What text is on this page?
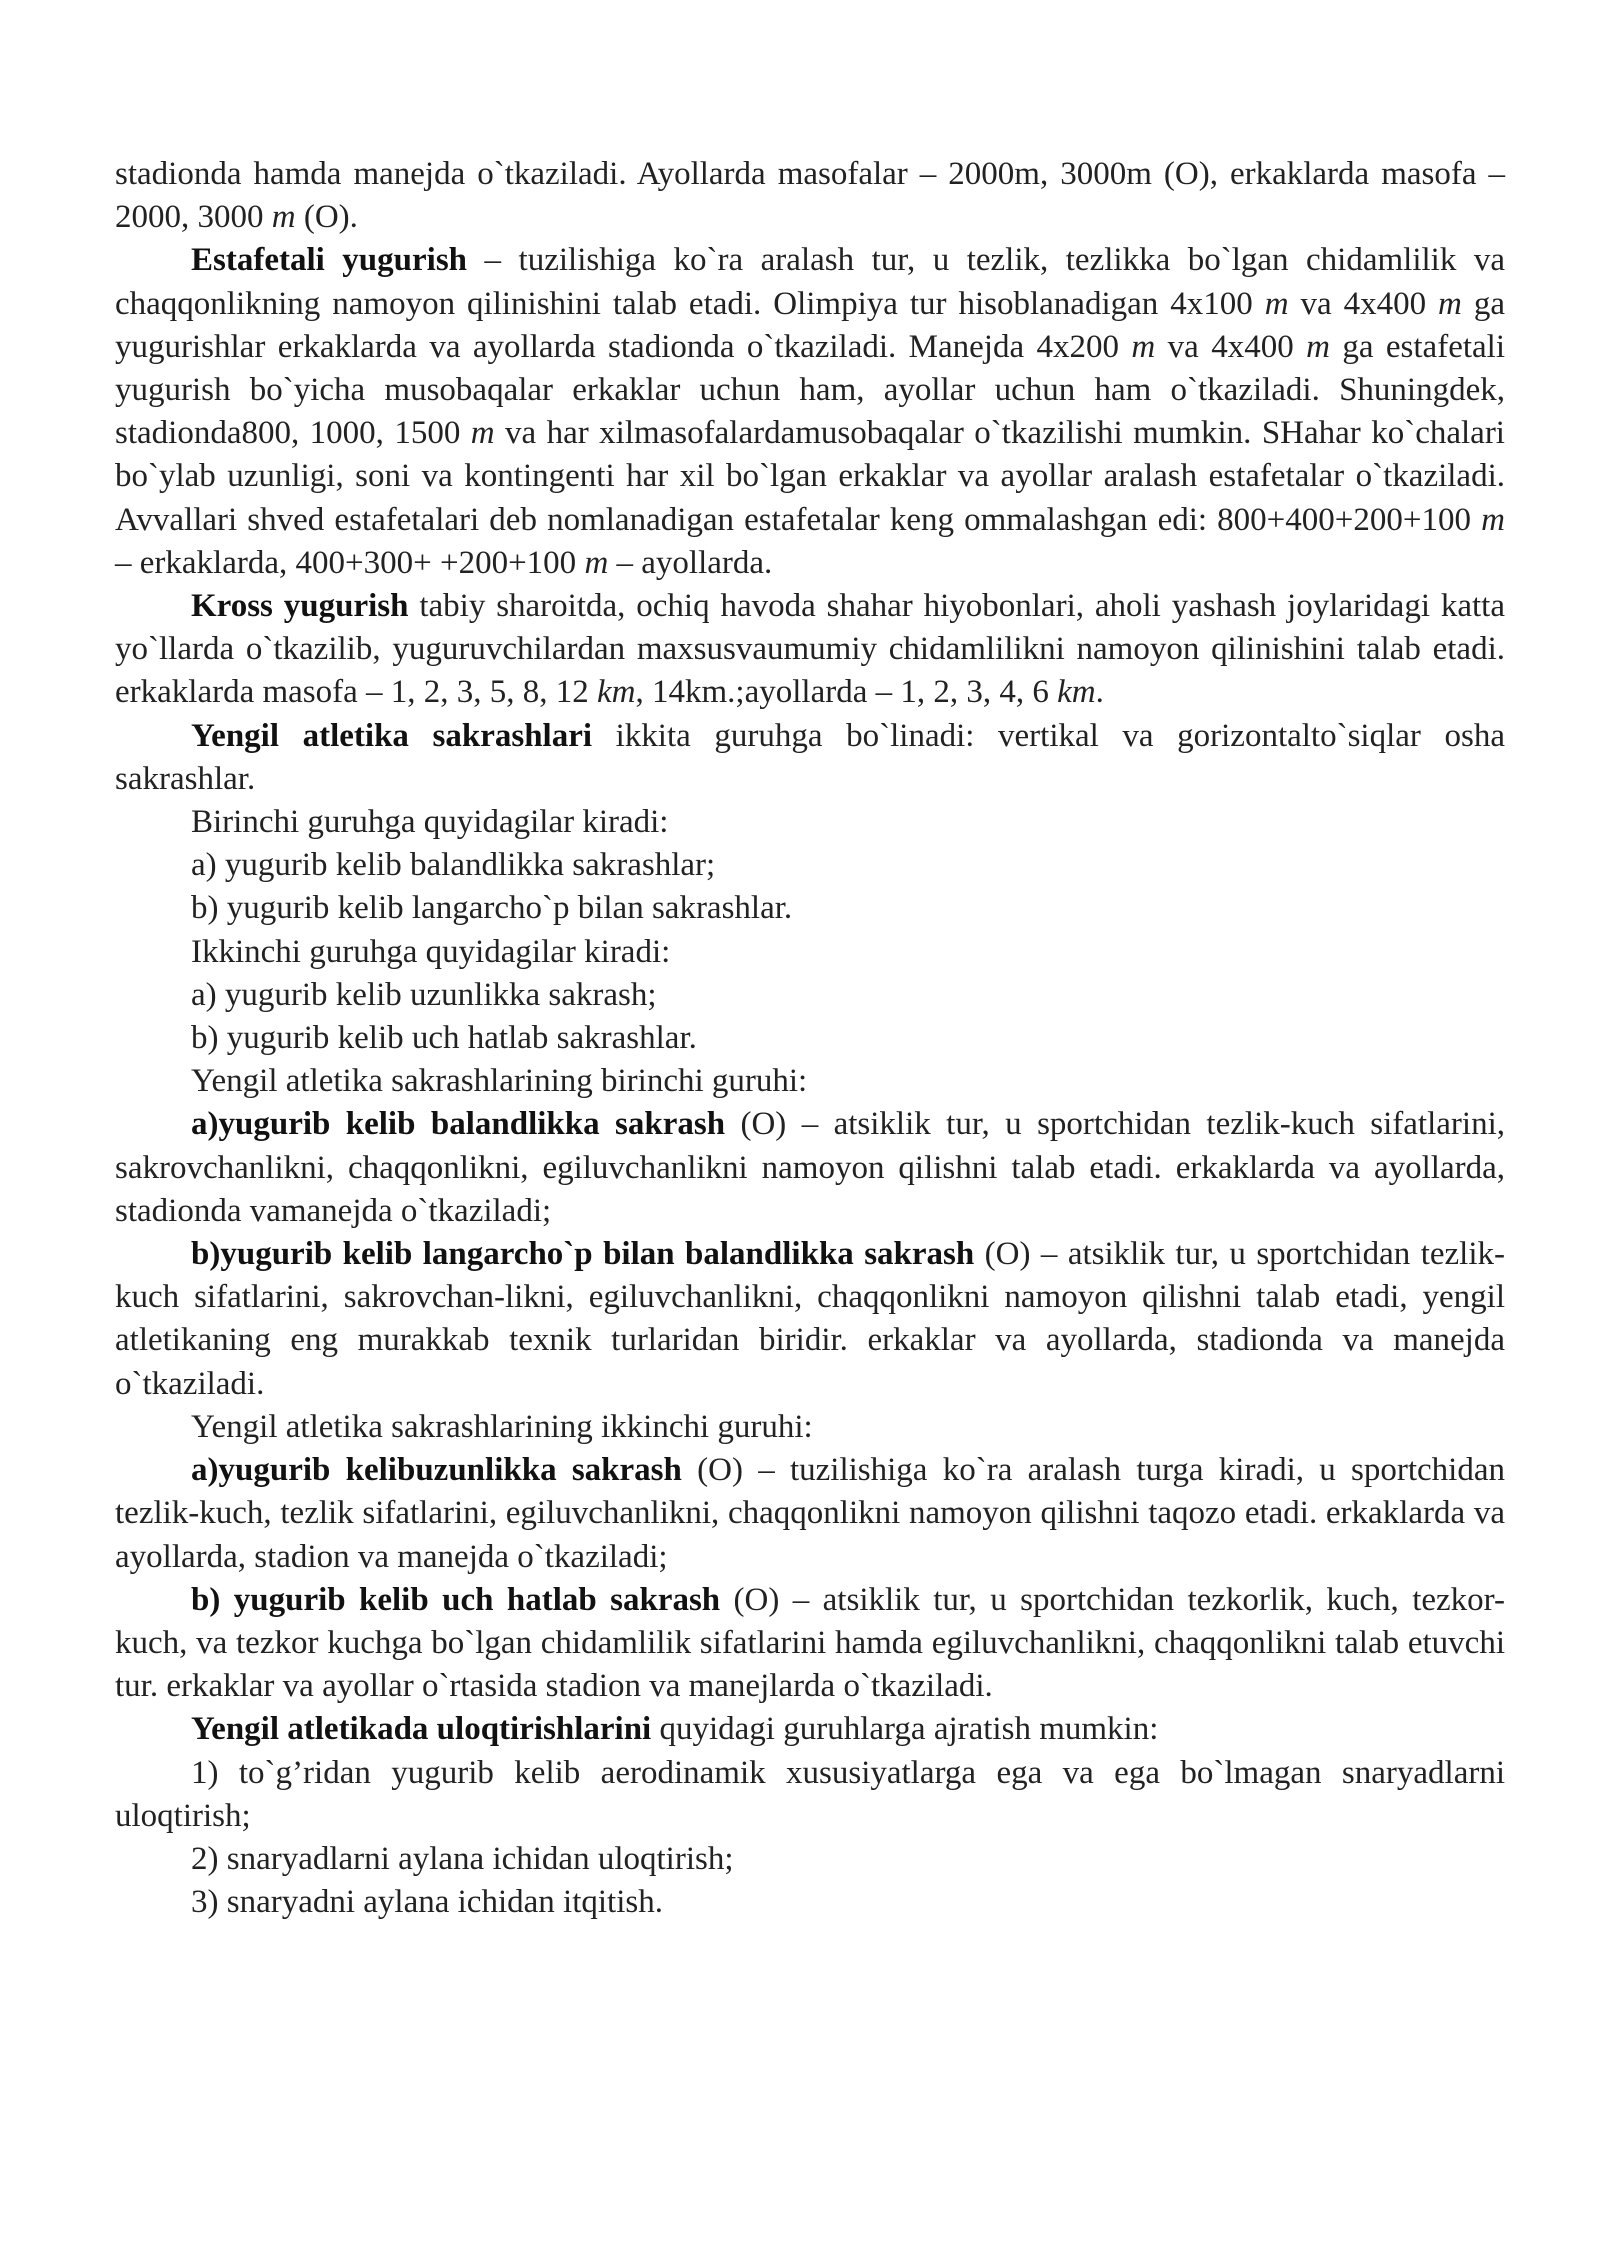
stadionda hamda manejda o`tkaziladi. Ayollarda masofalar – 2000m, 3000m (O), erkaklarda masofa – 2000, 3000 m (O).

Estafetali yugurish – tuzilishiga ko`ra aralash tur, u tezlik, tezlikka bo`lgan chidamlilik va chaqqonlikning namoyon qilinishini talab etadi. Olimpiya tur hisoblanadigan 4x100 m va 4x400 m ga yugurishlar erkaklarda va ayollarda stadionda o`tkaziladi. Manejda 4x200 m va 4x400 m ga estafetali yugurish bo`yicha musobaqalar erkaklar uchun ham, ayollar uchun ham o`tkaziladi. Shuningdek, stadionda800, 1000, 1500 m va har xilmasofalardamusobaqalar o`tkazilishi mumkin. SHahar ko`chalari bo`ylab uzunligi, soni va kontingenti har xil bo`lgan erkaklar va ayollar aralash estafetalar o`tkaziladi. Avvallari shved estafetalari deb nomlanadigan estafetalar keng ommalashgan edi: 800+400+200+100 m – erkaklarda, 400+300+ +200+100 m – ayollarda.

Kross yugurish tabiy sharoitda, ochiq havoda shahar hiyobonlari, aholi yashash joylaridagi katta yo`llarda o`tkazilib, yuguruvchilardan maxsusvaumumiy chidamlilikni namoyon qilinishini talab etadi. erkaklarda masofa – 1, 2, 3, 5, 8, 12 km, 14km.;ayollarda – 1, 2, 3, 4, 6 km.

Yengil atletika sakrashlari ikkita guruhga bo`linadi: vertikal va gorizontalto`siqlar osha sakrashlar.

Birinchi guruhga quyidagilar kiradi:

a) yugurib kelib balandlikka sakrashlar;

b) yugurib kelib langarcho`p bilan sakrashlar.

Ikkinchi guruhga quyidagilar kiradi:

a) yugurib kelib uzunlikka sakrash;

b) yugurib kelib uch hatlab sakrashlar.

Yengil atletika sakrashlarining birinchi guruhi:

a)yugurib kelib balandlikka sakrash (O) – atsiklik tur, u sportchidan tezlik-kuch sifatlarini, sakrovchanlikni, chaqqonlikni, egiluvchanlikni namoyon qilishni talab etadi. erkaklarda va ayollarda, stadionda vamanejda o`tkaziladi;

b)yugurib kelib langarcho`p bilan balandlikka sakrash (O) – atsiklik tur, u sportchidan tezlik-kuch sifatlarini, sakrovchan-likni, egiluvchanlikni, chaqqonlikni namoyon qilishni talab etadi, yengil atletikaning eng murakkab texnik turlaridan biridir. erkaklar va ayollarda, stadionda va manejda o`tkaziladi.

Yengil atletika sakrashlarining ikkinchi guruhi:

a)yugurib kelibuzunlikka sakrash (O) – tuzilishiga ko`ra aralash turga kiradi, u sportchidan tezlik-kuch, tezlik sifatlarini, egiluvchanlikni, chaqqonlikni namoyon qilishni taqozo etadi. erkaklarda va ayollarda, stadion va manejda o`tkaziladi;

b) yugurib kelib uch hatlab sakrash (O) – atsiklik tur, u sportchidan tezkorlik, kuch, tezkor-kuch, va tezkor kuchga bo`lgan chidamlilik sifatlarini hamda egiluvchanlikni, chaqqonlikni talab etuvchi tur. erkaklar va ayollar o`rtasida stadion va manejlarda o`tkaziladi.

Yengil atletikada uloqtirishlarini quyidagi guruhlarga ajratish mumkin:

1) to`g’ridan yugurib kelib aerodinamik xususiyatlarga ega va ega bo`lmagan snaryadlarni uloqtirish;

2) snaryadlarni aylana ichidan uloqtirish;

3) snaryadni aylana ichidan itqitish.
